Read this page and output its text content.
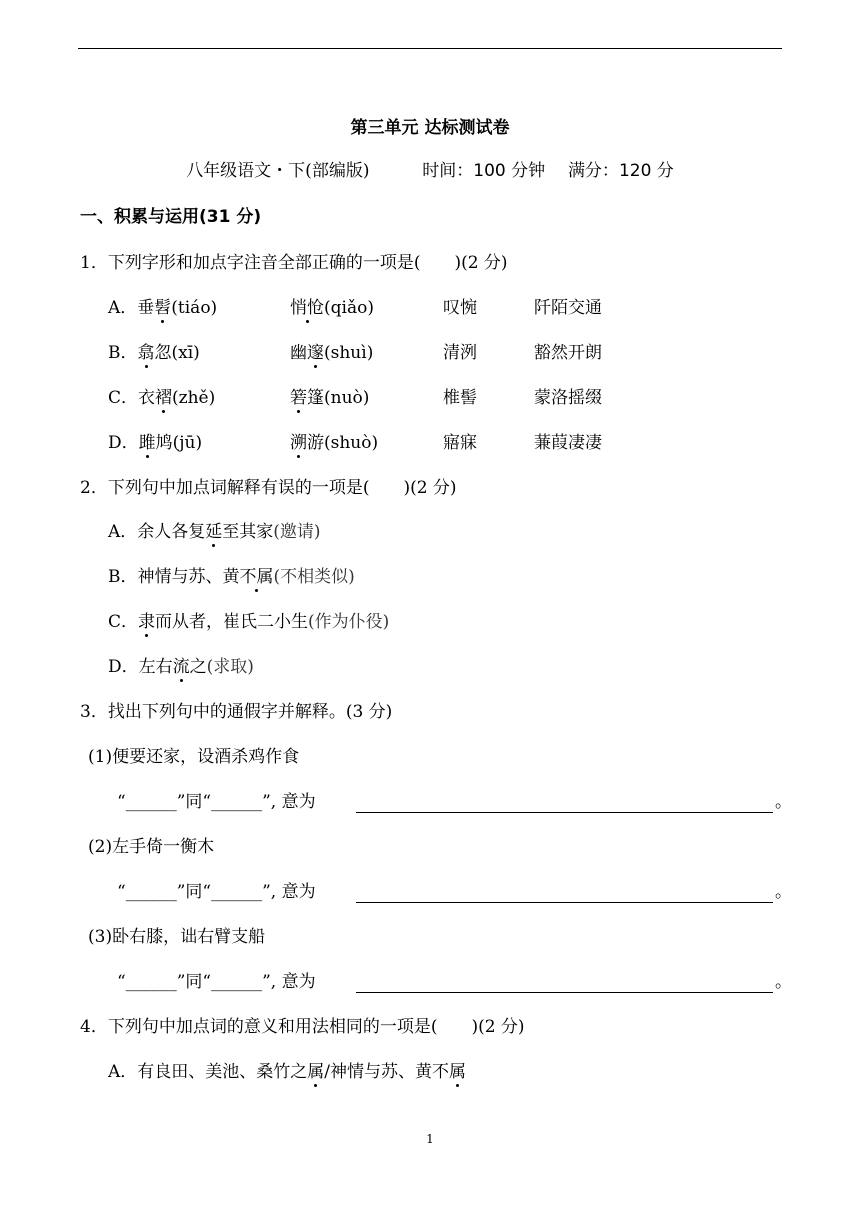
第三单元 达标测试卷
八年级语文・下(部编版)	时间：100 分钟 满分：120 分
一、积累与运用(31 分)
1．下列字形和加点字注音全部正确的一项是(　　)(2 分)
A．垂髫(tiáo)	悄怆(qiǎo)	叹惋	阡陌交通
B．翕忽(xī)	幽邃(shuì)	清洌	豁然开朗
C．衣褶(zhě)	箬篷(nuò)	椎髻	蒙洛摇缀
D．雎鸠(jū)	溯游(shuò)	寤寐	蒹葭凄凄
2．下列句中加点词解释有误的一项是(　　)(2 分)
A．余人各复延至其家(邀请)
B．神情与苏、黄不属(不相类似)
C．隶而从者，崔氏二小生(作为仆役)
D．左右流之(求取)
3．找出下列句中的通假字并解释。(3 分)
(1)便要还家，设酒杀鸡作食
“______”同“______”, 意为	。
(2)左手倚一衡木
“______”同“______”, 意为	。
(3)卧右膝，诎右臂支船
“______”同“______”, 意为	。
4．下列句中加点词的意义和用法相同的一项是(　　)(2 分)
A．有良田、美池、桑竹之属/神情与苏、黄不属
1
